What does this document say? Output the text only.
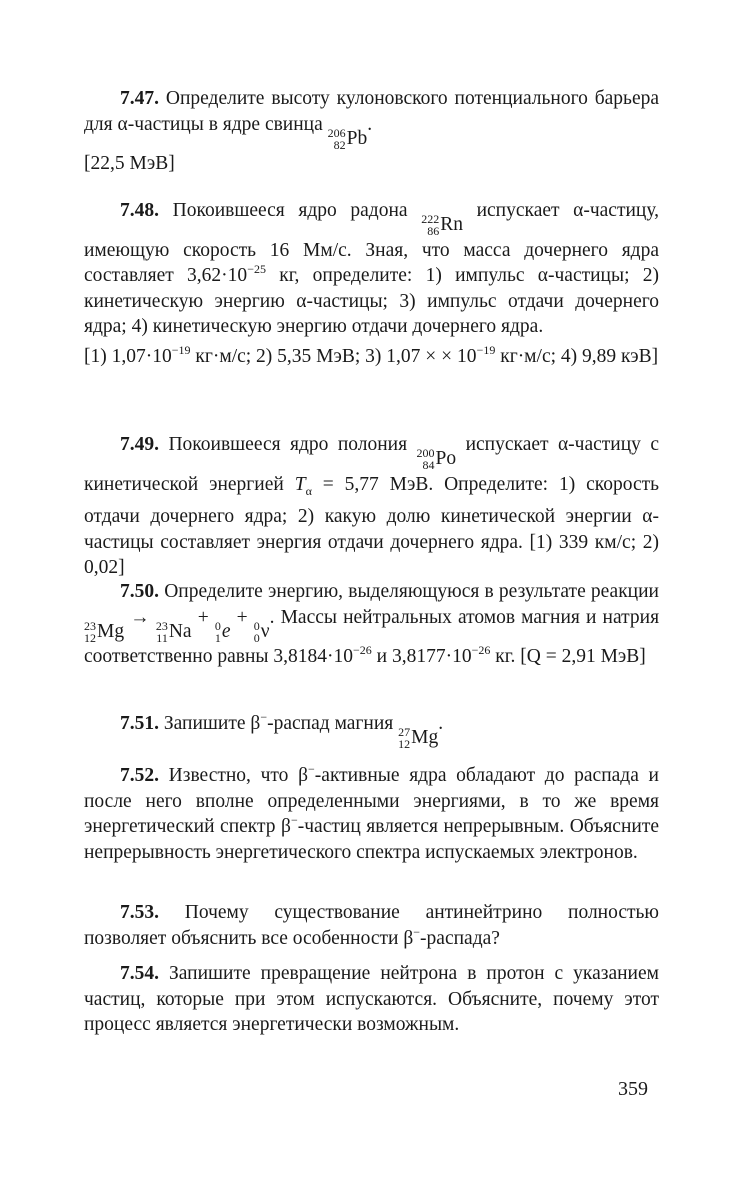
7.47. Определите высоту кулоновского потенциального барьера для α-частицы в ядре свинца 206
82 Pb
.

[22,5 МэВ]

7.48. Покоившееся ядро радона 222
86 Rn
испускает α-частицу, имеющую скорость 16 Мм/с. Зная, что масса дочернего ядра составляет $3,62\cdot 10^{-25}$ кг, определите: 1) импульс α-частицы; 2) кинетическую энергию α-частицы; 3) импульс отдачи дочернего ядра; 4) кинетическую энергию отдачи дочернего ядра.

[1) $1,07\cdot 10^{-19}$ кг·м/с; 2) 5,35 МэВ; 3) 1,07 × × $10^{-19}$ кг·м/с; 4) 9,89 кэВ]

7.49. Покоившееся ядро полония 200
84 Po
испускает α-частицу с кинетической энергией $T_\alpha = 5,77$ МэВ. Определите: 1) скорость отдачи дочернего ядра; 2) какую долю кинетической энергии α-частицы составляет энергия отдачи дочернего ядра. [1) 339 км/с; 2) 0,02]

7.50. Определите энергию, выделяющуюся в результате реакции
23
12 Mg
→ 23
11 Na
+ 0
1 e
+ 0
0 ν
. Массы нейтральных атомов магния и натрия соответственно равны $3,8184\cdot 10^{-26}$ и $3,8177\cdot 10^{-26}$ кг. [Q = 2,91 МэВ]

7.51. Запишите β−-распад магния 27
12 Mg
.

7.52. Известно, что β−-активные ядра обладают до распада и после него вполне определенными энергиями, в то же время энергетический спектр β−-частиц является непрерывным. Объясните непрерывность энергетического спектра испускаемых электронов.

7.53. Почему существование антинейтрино полностью позволяет объяснить все особенности β−-распада?

7.54. Запишите превращение нейтрона в протон с указанием частиц, которые при этом испускаются. Объясните, почему этот процесс является энергетически возможным.

359
